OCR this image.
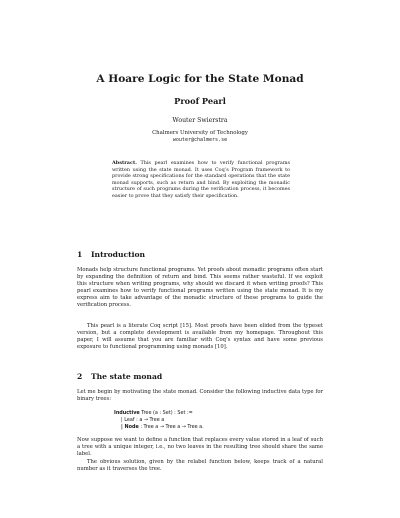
A Hoare Logic for the State Monad
Proof Pearl
Wouter Swierstra
Chalmers University of Technology
wouter@chalmers.se
Abstract. This pearl examines how to verify functional programs written using the state monad. It uses Coq’s Program framework to provide strong specifications for the standard operations that the state monad supports, such as return and bind. By exploiting the monadic structure of such programs during the verification process, it becomes easier to prove that they satisfy their specification.
1 Introduction

Monads help structure functional programs. Yet proofs about monadic programs often start by expanding the definition of return and bind. This seems rather wasteful. If we exploit this structure when writing programs, why should we discard it when writing proofs? This pearl examines how to verify functional programs written using the state monad. It is my express aim to take advantage of the monadic structure of these programs to guide the verification process.

This pearl is a literate Coq script [15]. Most proofs have been elided from the typeset version, but a complete development is available from my homepage. Throughout this paper, I will assume that you are familiar with Coq’s syntax and have some previous exposure to functional programming using monads [10].

2 The state monad

Let me begin by motivating the state monad. Consider the following inductive data type for binary trees:

Inductive Tree (a : Set) : Set :=
| Leaf : a → Tree a
| Node : Tree a → Tree a → Tree a.

Now suppose we want to define a function that replaces every value stored in a leaf of such a tree with a unique integer, i.e., no two leaves in the resulting tree should share the same label.

The obvious solution, given by the relabel function below, keeps track of a natural number as it traverses the tree.
